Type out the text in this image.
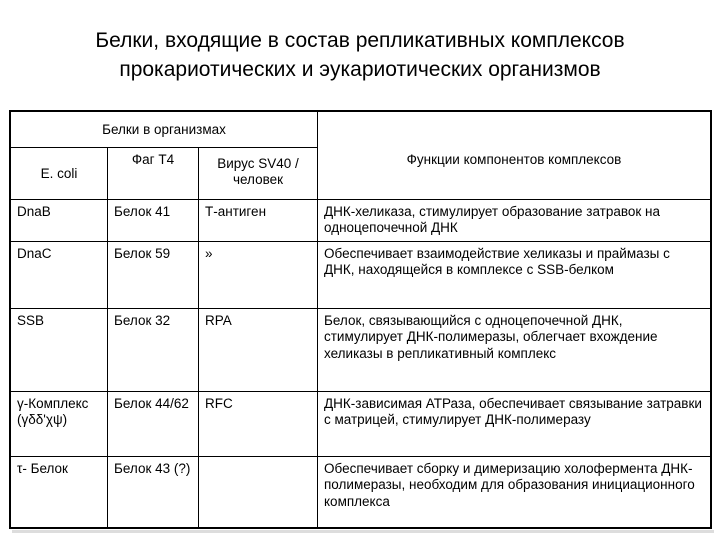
Белки, входящие в состав репликативных комплексов
прокариотических и эукариотических организмов
Белки в организмах			Функции компонентов комплексов
E. coli	Фаг Т4	Вирус SV40 / человек	
DnaB	Белок 41	Т-антиген	ДНК-хеликаза, стимулирует образование затравок на одноцепочечной ДНК
DnaC	Белок 59	»	Обеспечивает взаимодействие хеликазы и праймазы с ДНК, находящейся в комплексе с SSB-белком
SSB	Белок 32	RPA	Белок, связывающийся с одноцепочечной ДНК, стимулирует ДНК-полимеразы, облегчает вхождение хеликазы в репликативный комплекс
γ-Комплекс (γδδ'χψ)	Белок 44/62	RFC	ДНК-зависимая АТРаза, обеспечивает связывание затравки с матрицей, стимулирует ДНК-полимеразу
τ- Белок	Белок 43 (?)		Обеспечивает сборку и димеризацию холофермента ДНК-полимеразы, необходим для образования инициационного комплекса
